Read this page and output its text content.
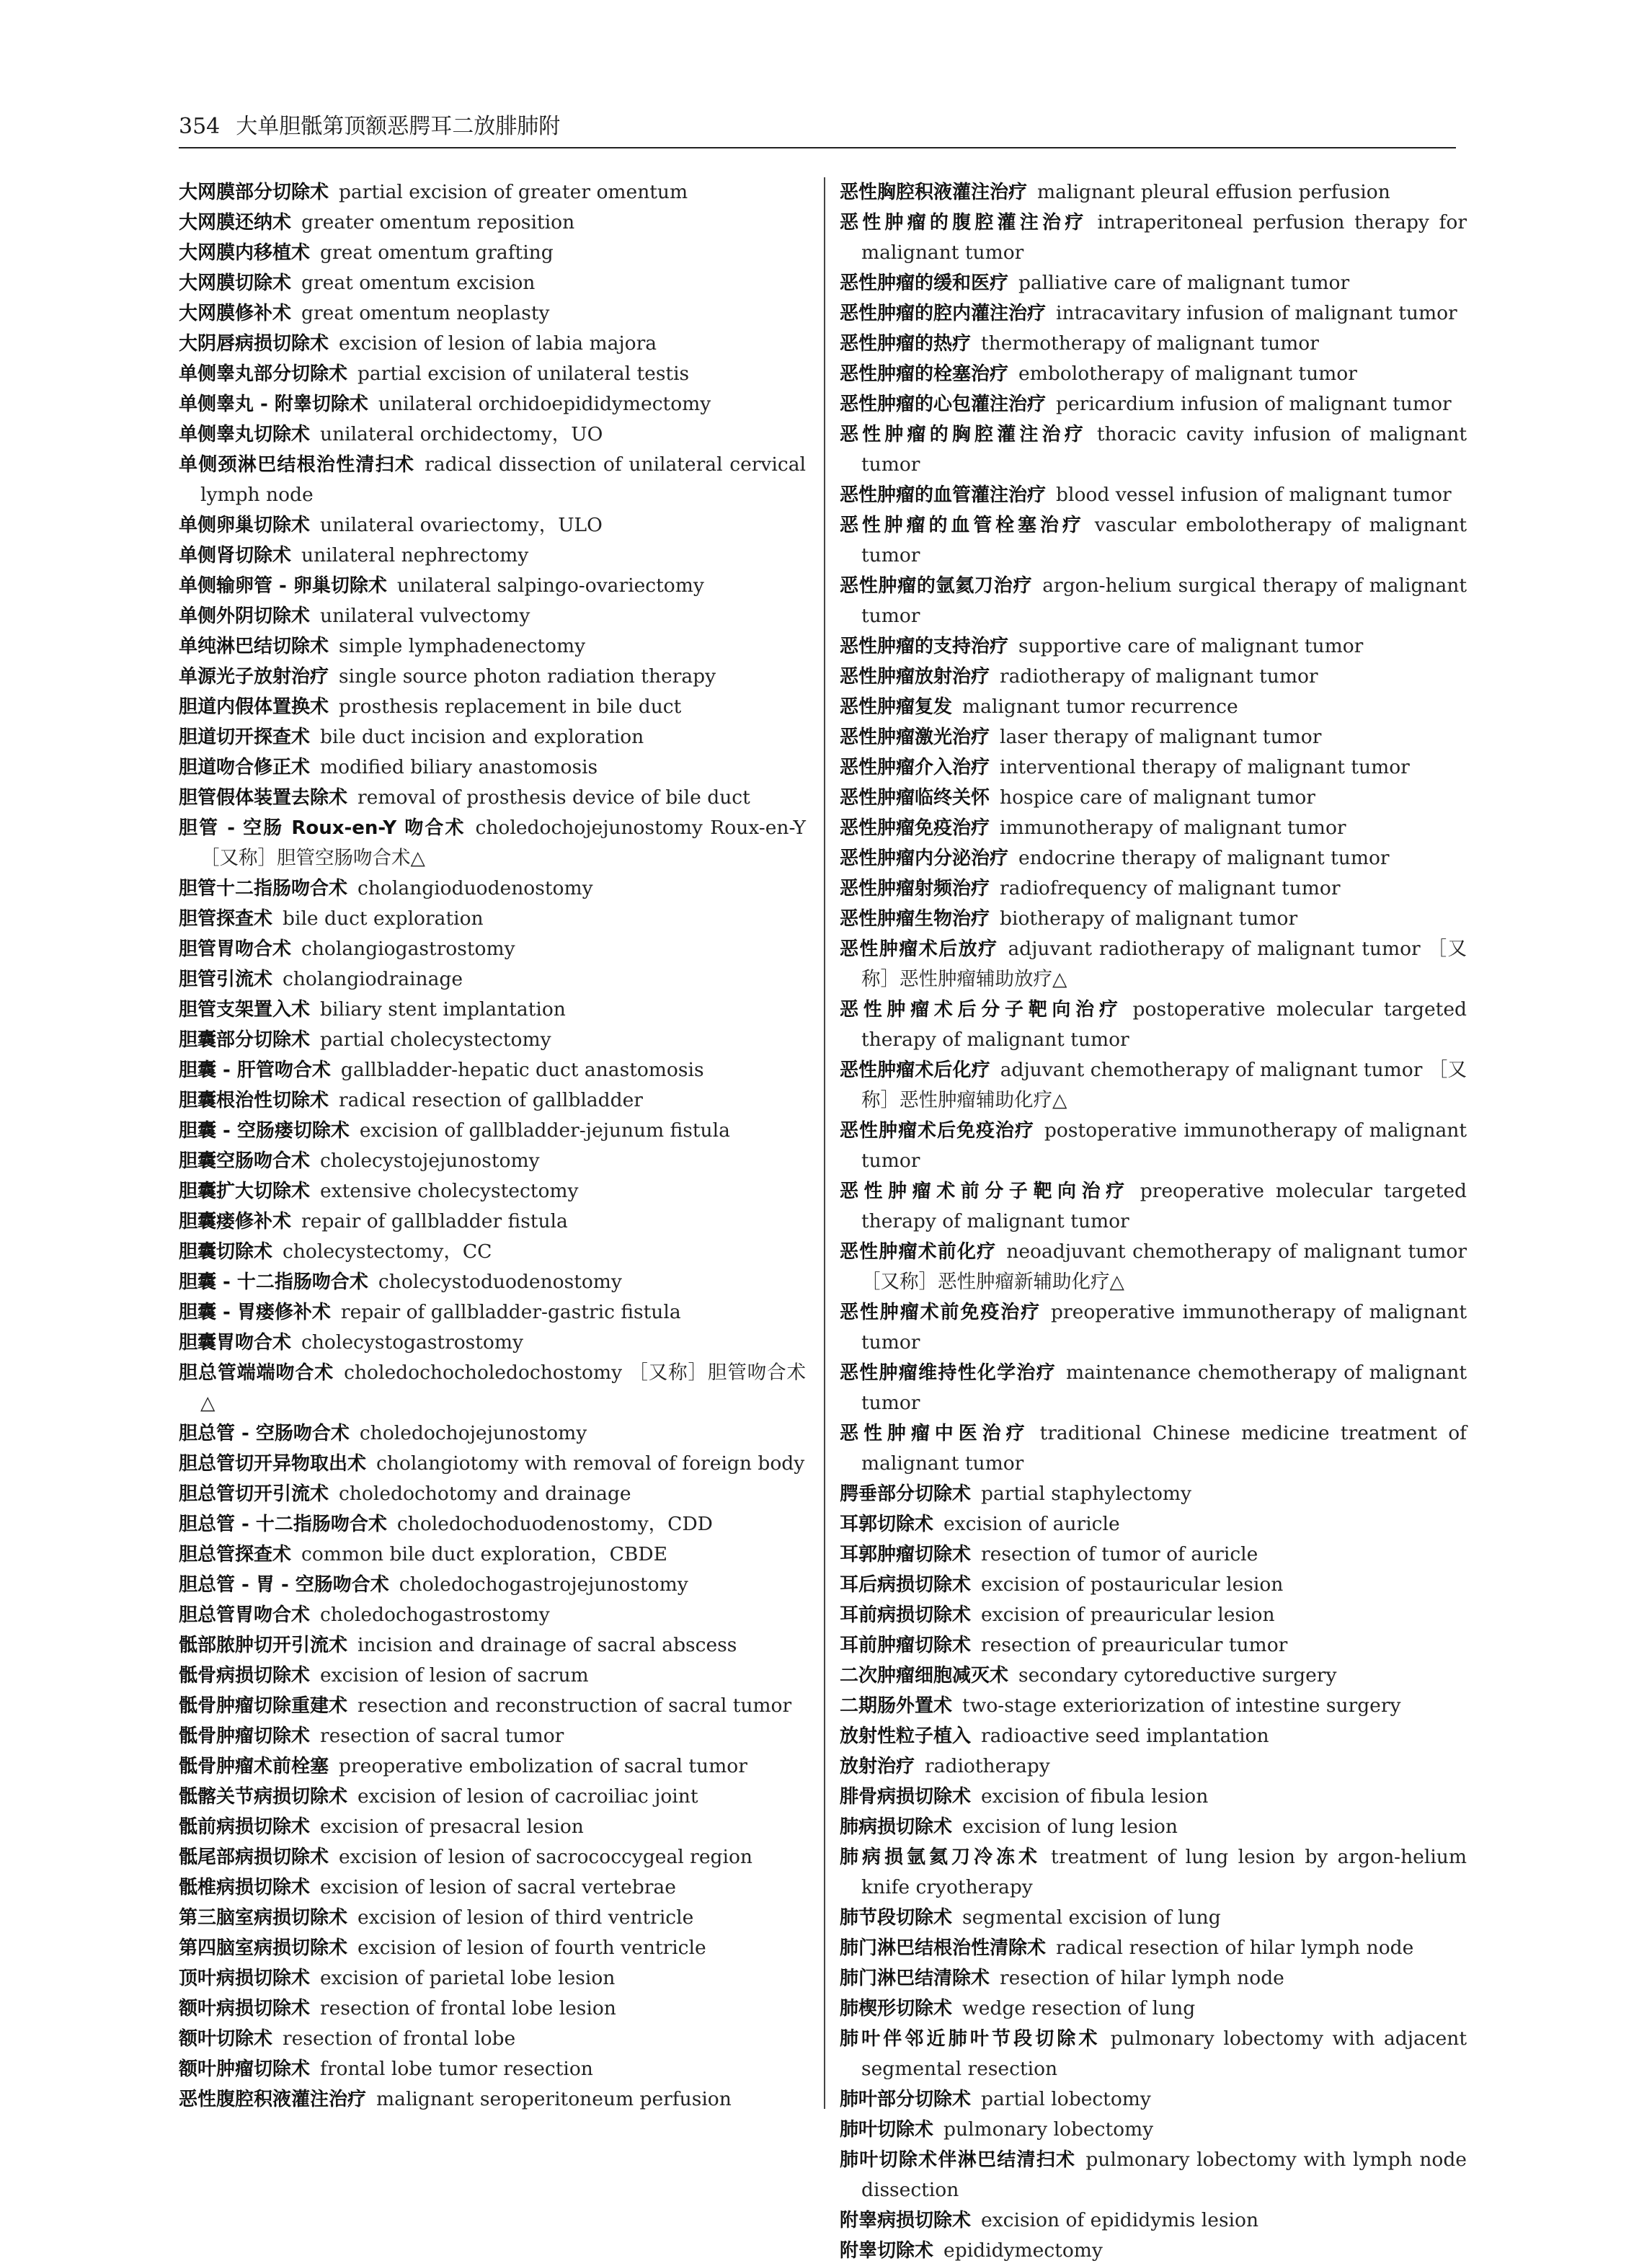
354 大单胆骶第顶额恶腭耳二放腓肺附
大网膜部分切除术 partial excision of greater omentum
大网膜还纳术 greater omentum reposition
大网膜内移植术 great omentum grafting
大网膜切除术 great omentum excision
大网膜修补术 great omentum neoplasty
大阴唇病损切除术 excision of lesion of labia majora
单侧睾丸部分切除术 partial excision of unilateral testis
单侧睾丸 - 附睾切除术 unilateral orchidoepididymectomy
单侧睾丸切除术 unilateral orchidectomy，UO
单侧颈淋巴结根治性清扫术 radical dissection of unilateral cervical lymph node
单侧卵巢切除术 unilateral ovariectomy，ULO
单侧肾切除术 unilateral nephrectomy
单侧输卵管 - 卵巢切除术 unilateral salpingo-ovariectomy
单侧外阴切除术 unilateral vulvectomy
单纯淋巴结切除术 simple lymphadenectomy
单源光子放射治疗 single source photon radiation therapy
胆道内假体置换术 prosthesis replacement in bile duct
胆道切开探查术 bile duct incision and exploration
胆道吻合修正术 modified biliary anastomosis
胆管假体装置去除术 removal of prosthesis device of bile duct
胆管 - 空肠 Roux-en-Y 吻合术 choledochojejunostomy Roux-en-Y ［又称］胆管空肠吻合术△
胆管十二指肠吻合术 cholangioduodenostomy
胆管探查术 bile duct exploration
胆管胃吻合术 cholangiogastrostomy
胆管引流术 cholangiodrainage
胆管支架置入术 biliary stent implantation
胆囊部分切除术 partial cholecystectomy
胆囊 - 肝管吻合术 gallbladder-hepatic duct anastomosis
胆囊根治性切除术 radical resection of gallbladder
胆囊 - 空肠瘘切除术 excision of gallbladder-jejunum fistula
胆囊空肠吻合术 cholecystojejunostomy
胆囊扩大切除术 extensive cholecystectomy
胆囊瘘修补术 repair of gallbladder fistula
胆囊切除术 cholecystectomy，CC
胆囊 - 十二指肠吻合术 cholecystoduodenostomy
胆囊 - 胃瘘修补术 repair of gallbladder-gastric fistula
胆囊胃吻合术 cholecystogastrostomy
胆总管端端吻合术 choledochocholedochostomy ［又称］胆管吻合术△
胆总管 - 空肠吻合术 choledochojejunostomy
胆总管切开异物取出术 cholangiotomy with removal of foreign body
胆总管切开引流术 choledochotomy and drainage
胆总管 - 十二指肠吻合术 choledochoduodenostomy，CDD
胆总管探查术 common bile duct exploration，CBDE
胆总管 - 胃 - 空肠吻合术 choledochogastrojejunostomy
胆总管胃吻合术 choledochogastrostomy
骶部脓肿切开引流术 incision and drainage of sacral abscess
骶骨病损切除术 excision of lesion of sacrum
骶骨肿瘤切除重建术 resection and reconstruction of sacral tumor
骶骨肿瘤切除术 resection of sacral tumor
骶骨肿瘤术前栓塞 preoperative embolization of sacral tumor
骶髂关节病损切除术 excision of lesion of cacroiliac joint
骶前病损切除术 excision of presacral lesion
骶尾部病损切除术 excision of lesion of sacrococcygeal region
骶椎病损切除术 excision of lesion of sacral vertebrae
第三脑室病损切除术 excision of lesion of third ventricle
第四脑室病损切除术 excision of lesion of fourth ventricle
顶叶病损切除术 excision of parietal lobe lesion
额叶病损切除术 resection of frontal lobe lesion
额叶切除术 resection of frontal lobe
额叶肿瘤切除术 frontal lobe tumor resection
恶性腹腔积液灌注治疗 malignant seroperitoneum perfusion
恶性胸腔积液灌注治疗 malignant pleural effusion perfusion
恶性肿瘤的腹腔灌注治疗 intraperitoneal perfusion therapy for malignant tumor
恶性肿瘤的缓和医疗 palliative care of malignant tumor
恶性肿瘤的腔内灌注治疗 intracavitary infusion of malignant tumor
恶性肿瘤的热疗 thermotherapy of malignant tumor
恶性肿瘤的栓塞治疗 embolotherapy of malignant tumor
恶性肿瘤的心包灌注治疗 pericardium infusion of malignant tumor
恶性肿瘤的胸腔灌注治疗 thoracic cavity infusion of malignant tumor
恶性肿瘤的血管灌注治疗 blood vessel infusion of malignant tumor
恶性肿瘤的血管栓塞治疗 vascular embolotherapy of malignant tumor
恶性肿瘤的氩氦刀治疗 argon-helium surgical therapy of malignant tumor
恶性肿瘤的支持治疗 supportive care of malignant tumor
恶性肿瘤放射治疗 radiotherapy of malignant tumor
恶性肿瘤复发 malignant tumor recurrence
恶性肿瘤激光治疗 laser therapy of malignant tumor
恶性肿瘤介入治疗 interventional therapy of malignant tumor
恶性肿瘤临终关怀 hospice care of malignant tumor
恶性肿瘤免疫治疗 immunotherapy of malignant tumor
恶性肿瘤内分泌治疗 endocrine therapy of malignant tumor
恶性肿瘤射频治疗 radiofrequency of malignant tumor
恶性肿瘤生物治疗 biotherapy of malignant tumor
恶性肿瘤术后放疗 adjuvant radiotherapy of malignant tumor ［又称］恶性肿瘤辅助放疗△
恶性肿瘤术后分子靶向治疗 postoperative molecular targeted therapy of malignant tumor
恶性肿瘤术后化疗 adjuvant chemotherapy of malignant tumor ［又称］恶性肿瘤辅助化疗△
恶性肿瘤术后免疫治疗 postoperative immunotherapy of malignant tumor
恶性肿瘤术前分子靶向治疗 preoperative molecular targeted therapy of malignant tumor
恶性肿瘤术前化疗 neoadjuvant chemotherapy of malignant tumor ［又称］恶性肿瘤新辅助化疗△
恶性肿瘤术前免疫治疗 preoperative immunotherapy of malignant tumor
恶性肿瘤维持性化学治疗 maintenance chemotherapy of malignant tumor
恶性肿瘤中医治疗 traditional Chinese medicine treatment of malignant tumor
腭垂部分切除术 partial staphylectomy
耳郭切除术 excision of auricle
耳郭肿瘤切除术 resection of tumor of auricle
耳后病损切除术 excision of postauricular lesion
耳前病损切除术 excision of preauricular lesion
耳前肿瘤切除术 resection of preauricular tumor
二次肿瘤细胞减灭术 secondary cytoreductive surgery
二期肠外置术 two-stage exteriorization of intestine surgery
放射性粒子植入 radioactive seed implantation
放射治疗 radiotherapy
腓骨病损切除术 excision of fibula lesion
肺病损切除术 excision of lung lesion
肺病损氩氦刀冷冻术 treatment of lung lesion by argon-helium knife cryotherapy
肺节段切除术 segmental excision of lung
肺门淋巴结根治性清除术 radical resection of hilar lymph node
肺门淋巴结清除术 resection of hilar lymph node
肺楔形切除术 wedge resection of lung
肺叶伴邻近肺叶节段切除术 pulmonary lobectomy with adjacent segmental resection
肺叶部分切除术 partial lobectomy
肺叶切除术 pulmonary lobectomy
肺叶切除术伴淋巴结清扫术 pulmonary lobectomy with lymph node dissection
附睾病损切除术 excision of epididymis lesion
附睾切除术 epididymectomy
